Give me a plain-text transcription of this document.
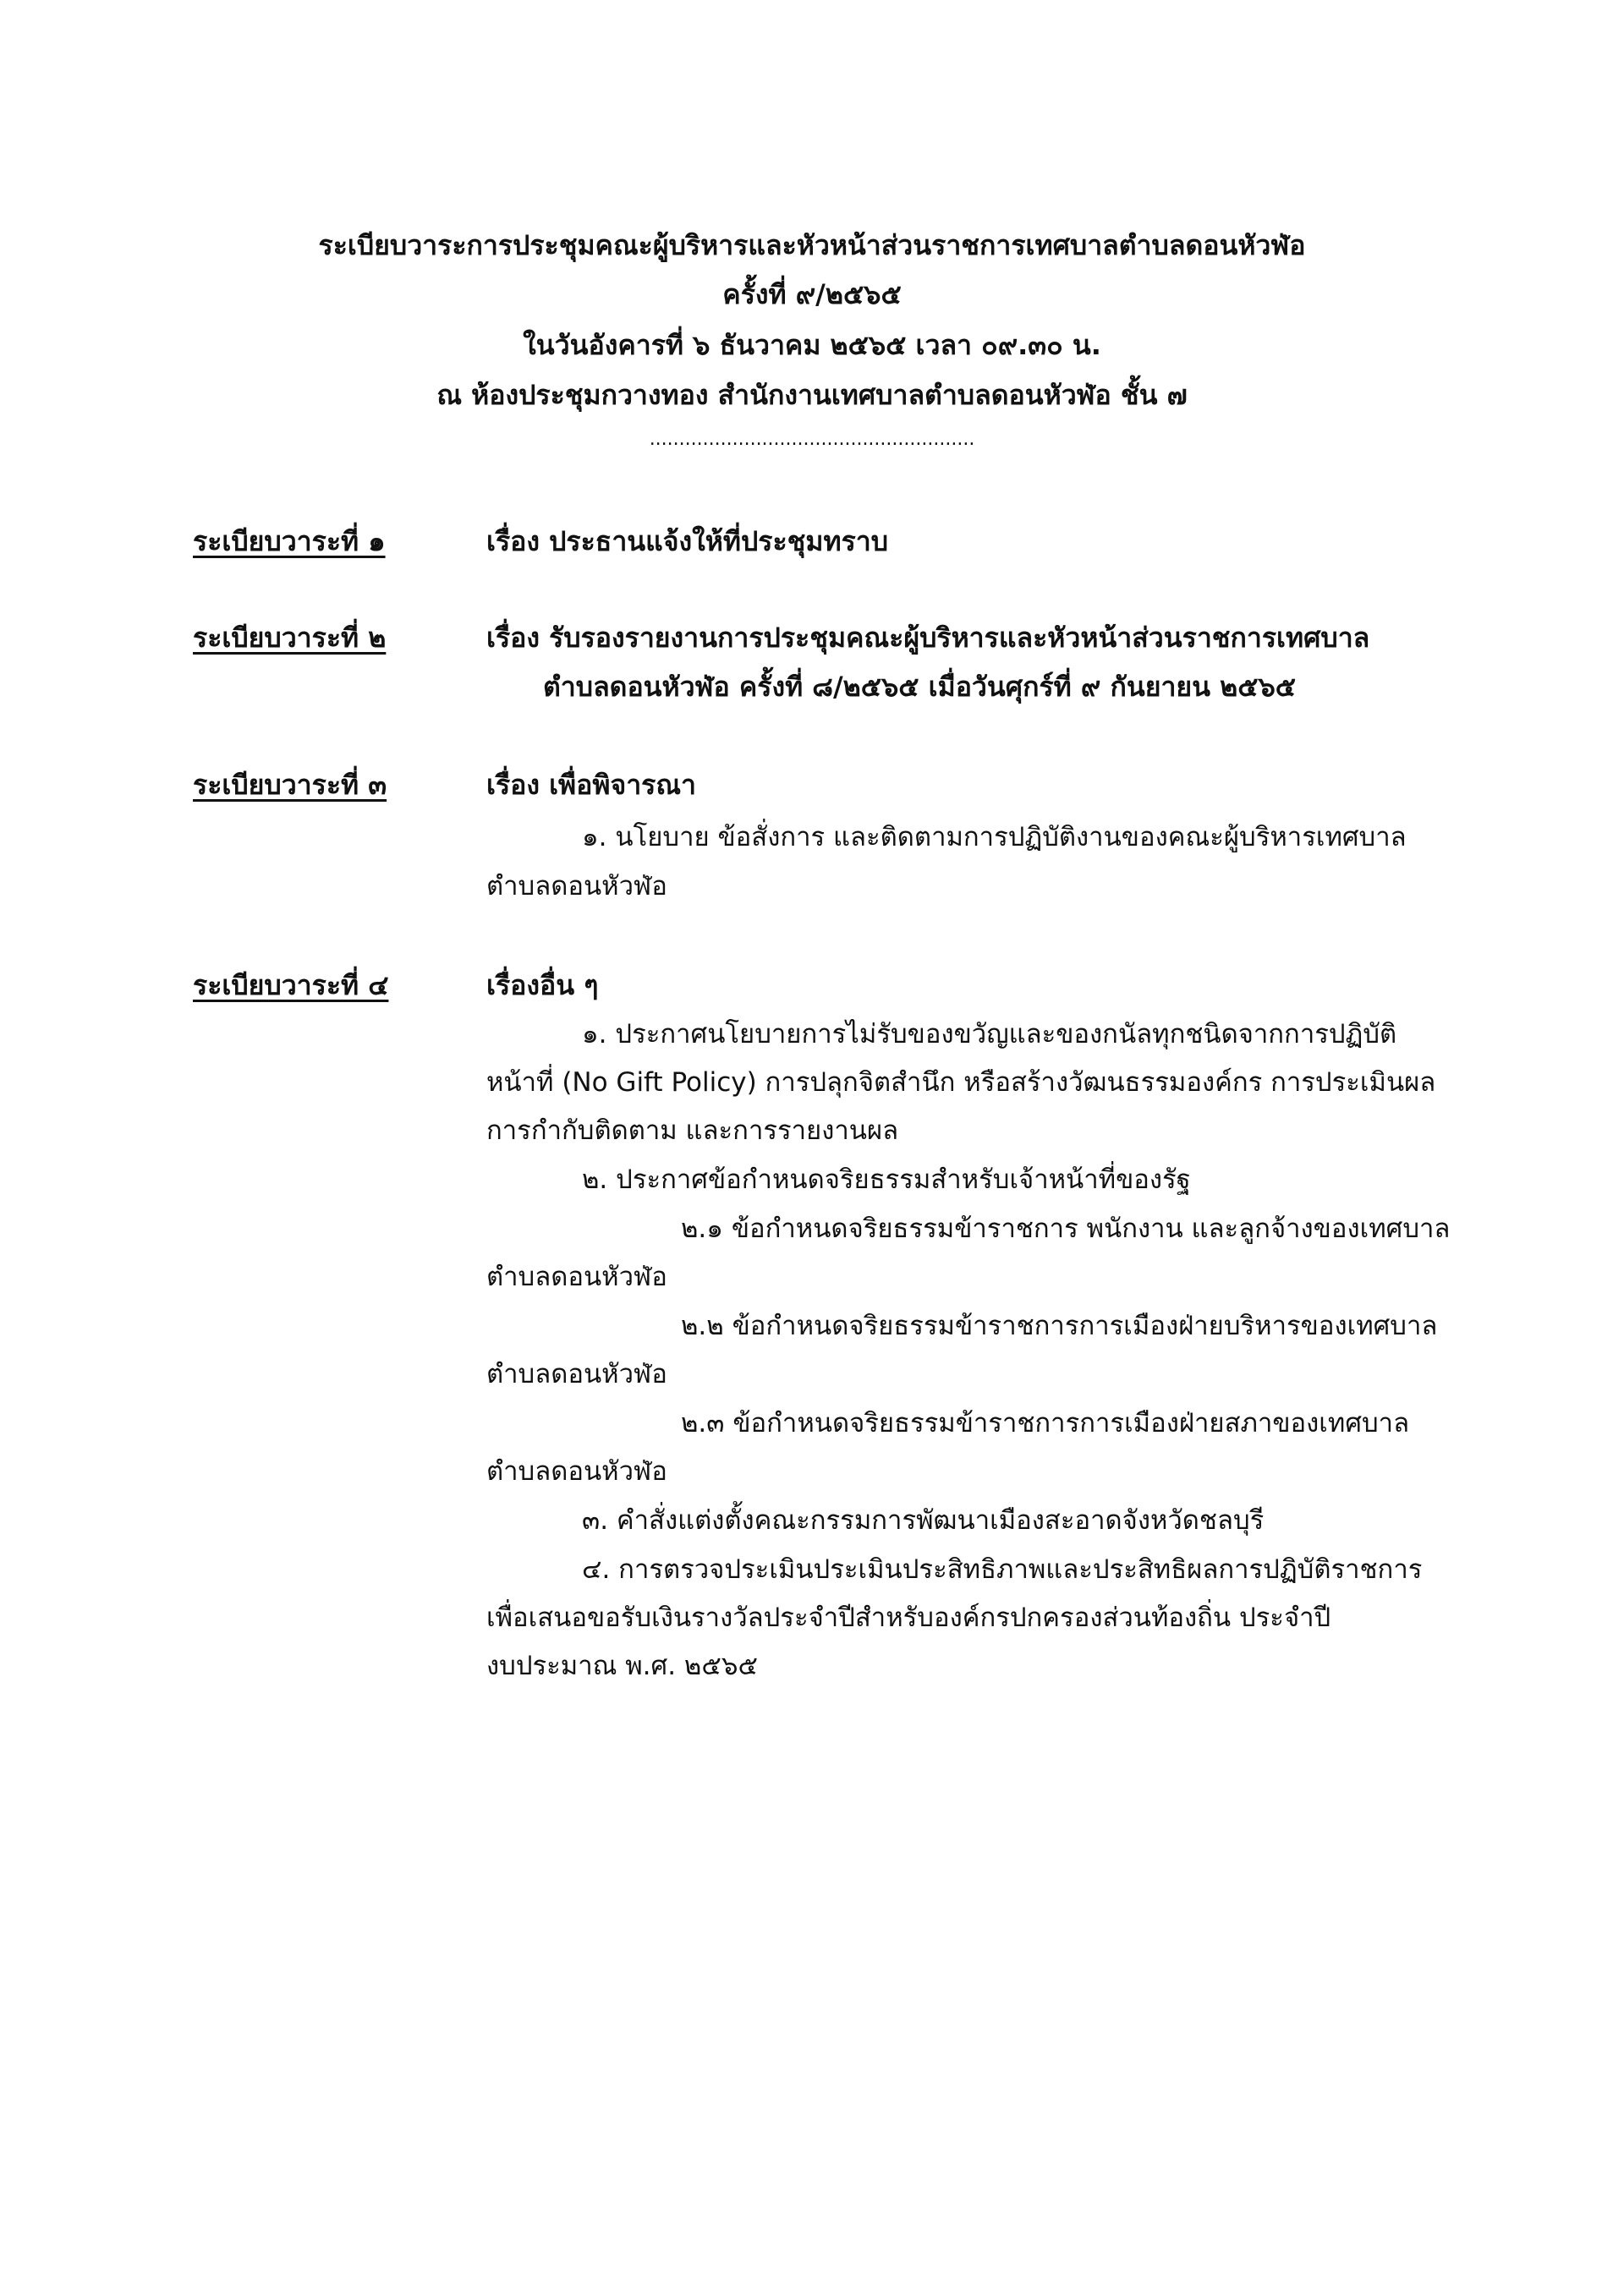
ระเบียบวาระการประชุมคณะผู้บริหารและหัวหน้าส่วนราชการเทศบาลตำบลดอนหัวฬ่อ
ครั้งที่ ๙/๒๕๖๕
ในวันอังคารที่ ๖ ธันวาคม ๒๕๖๕ เวลา ๐๙.๓๐ น.
ณ ห้องประชุมกวางทอง สำนักงานเทศบาลตำบลดอนหัวฬ่อ ชั้น ๗
.......................................................
ระเบียบวาระที่ ๑	เรื่อง ประธานแจ้งให้ที่ประชุมทราบ
ระเบียบวาระที่ ๒	เรื่อง รับรองรายงานการประชุมคณะผู้บริหารและหัวหน้าส่วนราชการเทศบาล
ตำบลดอนหัวฬ่อ ครั้งที่ ๘/๒๕๖๕ เมื่อวันศุกร์ที่ ๙ กันยายน ๒๕๖๕
ระเบียบวาระที่ ๓	เรื่อง เพื่อพิจารณา
๑. นโยบาย ข้อสั่งการ และติดตามการปฏิบัติงานของคณะผู้บริหารเทศบาล
ตำบลดอนหัวฬ่อ
ระเบียบวาระที่ ๔	เรื่องอื่น ๆ
๑. ประกาศนโยบายการไม่รับของขวัญและของกนัลทุกชนิดจากการปฏิบัติ
หน้าที่ (No Gift Policy) การปลุกจิตสำนึก หรือสร้างวัฒนธรรมองค์กร การประเมินผล
การกำกับติดตาม และการรายงานผล
๒. ประกาศข้อกำหนดจริยธรรมสำหรับเจ้าหน้าที่ของรัฐ
๒.๑ ข้อกำหนดจริยธรรมข้าราชการ พนักงาน และลูกจ้างของเทศบาล
ตำบลดอนหัวฬ่อ
๒.๒ ข้อกำหนดจริยธรรมข้าราชการการเมืองฝ่ายบริหารของเทศบาล
ตำบลดอนหัวฬ่อ
๒.๓ ข้อกำหนดจริยธรรมข้าราชการการเมืองฝ่ายสภาของเทศบาล
ตำบลดอนหัวฬ่อ
๓. คำสั่งแต่งตั้งคณะกรรมการพัฒนาเมืองสะอาดจังหวัดชลบุรี
๔. การตรวจประเมินประเมินประสิทธิภาพและประสิทธิผลการปฏิบัติราชการ
เพื่อเสนอขอรับเงินรางวัลประจำปีสำหรับองค์กรปกครองส่วนท้องถิ่น ประจำปี
งบประมาณ พ.ศ. ๒๕๖๕
